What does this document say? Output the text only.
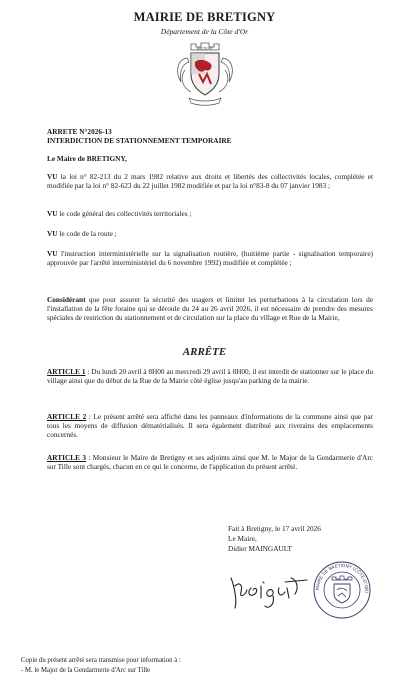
MAIRIE DE BRETIGNY
Département de la Côte d'Or
BRETIGNY
ARRETE N°2026-13
INTERDICTION DE STATIONNEMENT TEMPORAIRE
Le Maire de BRETIGNY,
VU la loi n° 82-213 du 2 mars 1982 relative aux droits et libertés des collectivités locales, complétée et modifiée par la loi n° 82-623 du 22 juillet 1982 modifiée et par la loi n°83-8 du 07 janvier 1983 ;
VU le code général des collectivités territoriales ;
VU le code de la route ;
VU l'instruction interministérielle sur la signalisation routière, (huitième partie - signalisation temporaire) approuvée par l'arrêté interministériel du 6 novembre 1992) modifiée et complétée ;
Considérant que pour assurer la sécurité des usagers et limiter les perturbations à la circulation lors de l'installation de la fête foraine qui se déroule du 24 au 26 avril 2026, il est nécessaire de prendre des mesures spéciales de restriction du stationnement et de circulation sur la place du village et Rue de la Mairie,
ARRÊTE
ARTICLE 1 : Du lundi 20 avril à 8H00 au mercredi 29 avril à 8H00, il est interdit de stationner sur le place du village ainsi que du début de la Rue de la Mairie côté église jusqu'au parking de la mairie.
ARTICLE 2 : Le présent arrêté sera affiché dans les panneaux d'informations de la commune ainsi que par tous les moyens de diffusion dématérialisés. Il sera également distribué aux riverains des emplacements concernés.
ARTICLE 3 : Monsieur le Maire de Bretigny et ses adjoints ainsi que M. le Major de la Gendarmerie d'Arc sur Tille sont chargés, chacun en ce qui le concerne, de l'application du présent arrêté.
Fait à Bretigny, le 17 avril 2026
Le Maire,
Didier MAINGAULT
MAIRE DE BRETIGNY (CÔTE-D'OR)
Copie du présent arrêté sera transmise pour information à :
- M. le Major de la Gendarmerie d'Arc sur Tille
